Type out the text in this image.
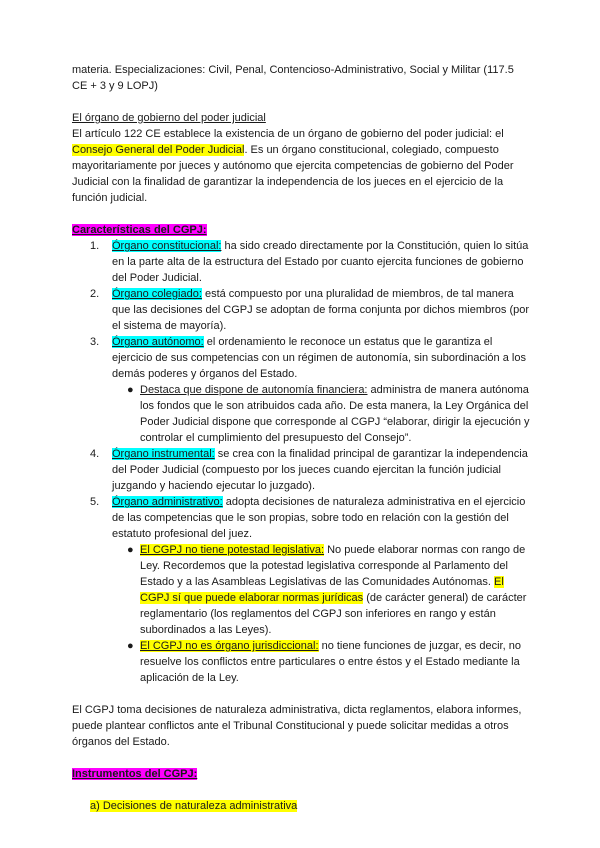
materia. Especializaciones: Civil, Penal, Contencioso-Administrativo, Social y Militar (117.5 CE + 3 y 9 LOPJ)

El órgano de gobierno del poder judicial

El artículo 122 CE establece la existencia de un órgano de gobierno del poder judicial: el Consejo General del Poder Judicial. Es un órgano constitucional, colegiado, compuesto mayoritariamente por jueces y autónomo que ejercita competencias de gobierno del Poder Judicial con la finalidad de garantizar la independencia de los jueces en el ejercicio de la función judicial.

Características del CGPJ:

1. Órgano constitucional: ha sido creado directamente por la Constitución, quien lo sitúa en la parte alta de la estructura del Estado por cuanto ejercita funciones de gobierno del Poder Judicial.
2. Órgano colegiado: está compuesto por una pluralidad de miembros, de tal manera que las decisiones del CGPJ se adoptan de forma conjunta por dichos miembros (por el sistema de mayoría).
3. Órgano autónomo: el ordenamiento le reconoce un estatus que le garantiza el ejercicio de sus competencias con un régimen de autonomía, sin subordinación a los demás poderes y órganos del Estado.
● Destaca que dispone de autonomía financiera: administra de manera autónoma los fondos que le son atribuidos cada año. De esta manera, la Ley Orgánica del Poder Judicial dispone que corresponde al CGPJ “elaborar, dirigir la ejecución y controlar el cumplimiento del presupuesto del Consejo”.
4. Órgano instrumental: se crea con la finalidad principal de garantizar la independencia del Poder Judicial (compuesto por los jueces cuando ejercitan la función judicial juzgando y haciendo ejecutar lo juzgado).
5. Órgano administrativo: adopta decisiones de naturaleza administrativa en el ejercicio de las competencias que le son propias, sobre todo en relación con la gestión del estatuto profesional del juez.
● El CGPJ no tiene potestad legislativa: No puede elaborar normas con rango de Ley. Recordemos que la potestad legislativa corresponde al Parlamento del Estado y a las Asambleas Legislativas de las Comunidades Autónomas. El CGPJ sí que puede elaborar normas jurídicas (de carácter general) de carácter reglamentario (los reglamentos del CGPJ son inferiores en rango y están subordinados a las Leyes).
● El CGPJ no es órgano jurisdiccional: no tiene funciones de juzgar, es decir, no resuelve los conflictos entre particulares o entre éstos y el Estado mediante la aplicación de la Ley.

El CGPJ toma decisiones de naturaleza administrativa, dicta reglamentos, elabora informes, puede plantear conflictos ante el Tribunal Constitucional y puede solicitar medidas a otros órganos del Estado.

Instrumentos del CGPJ:

a) Decisiones de naturaleza administrativa
